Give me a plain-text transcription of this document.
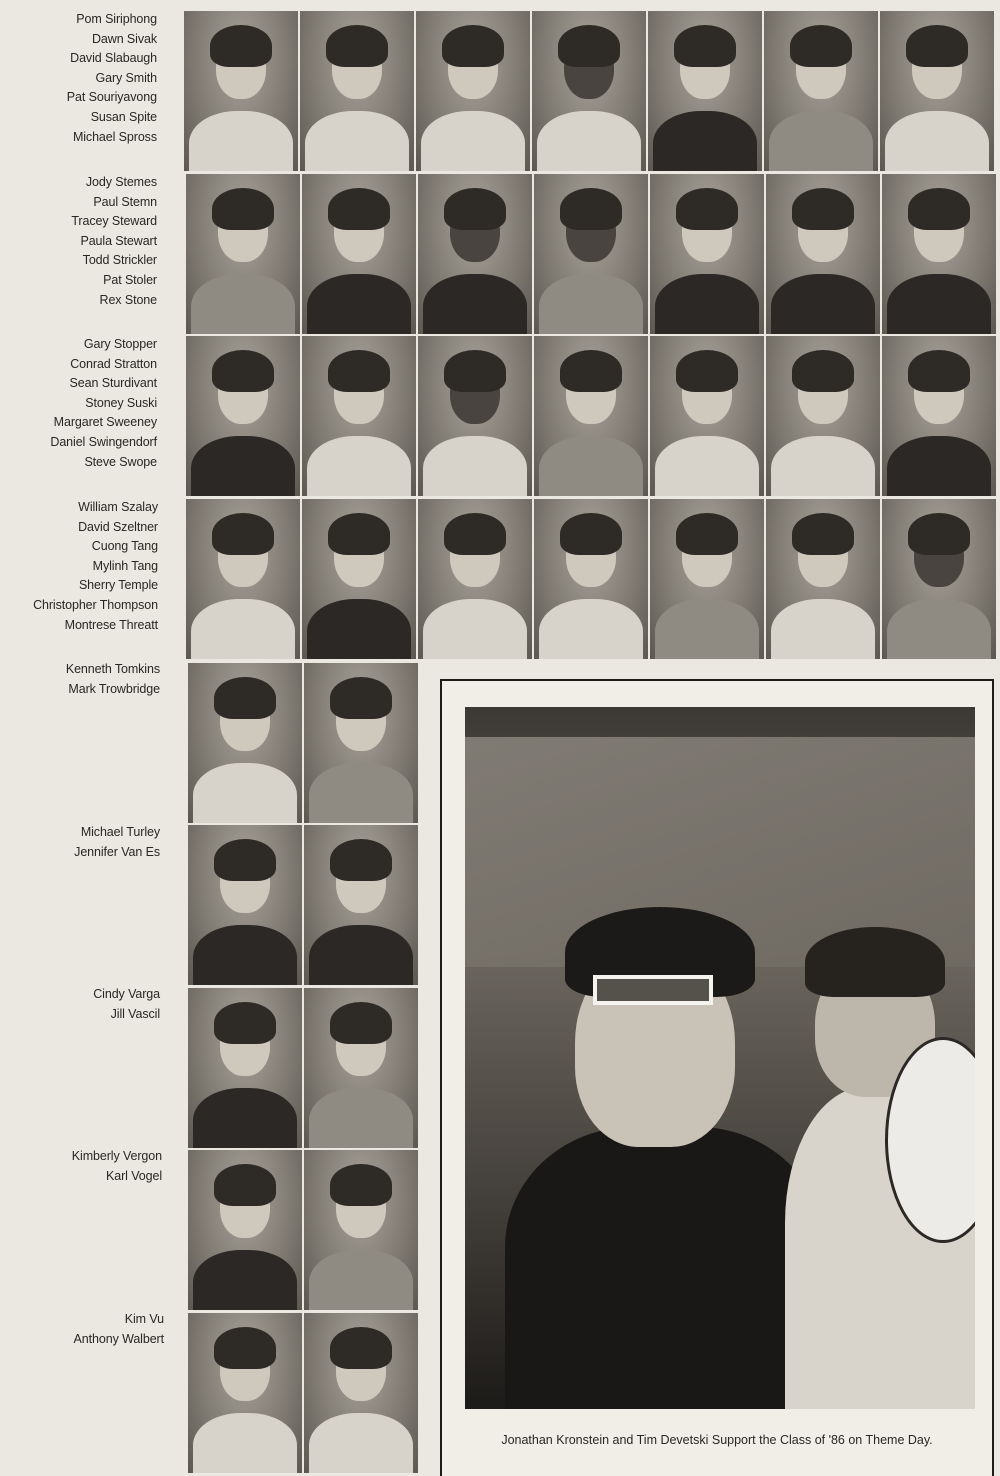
Pom Siriphong
Dawn Sivak
David Slabaugh
Gary Smith
Pat Souriyavong
Susan Spite
Michael Spross
Jody Stemes
Paul Stemn
Tracey Steward
Paula Stewart
Todd Strickler
Pat Stoler
Rex Stone
Gary Stopper
Conrad Stratton
Sean Sturdivant
Stoney Suski
Margaret Sweeney
Daniel Swingendorf
Steve Swope
William Szalay
David Szeltner
Cuong Tang
Mylinh Tang
Sherry Temple
Christopher Thompson
Montrese Threatt
Kenneth Tomkins
Mark Trowbridge
Michael Turley
Jennifer Van Es
Cindy Varga
Jill Vascil
Kimberly Vergon
Karl Vogel
Kim Vu
Anthony Walbert
Jonathan Kronstein and Tim Devetski Support the Class of '86 on Theme Day.
